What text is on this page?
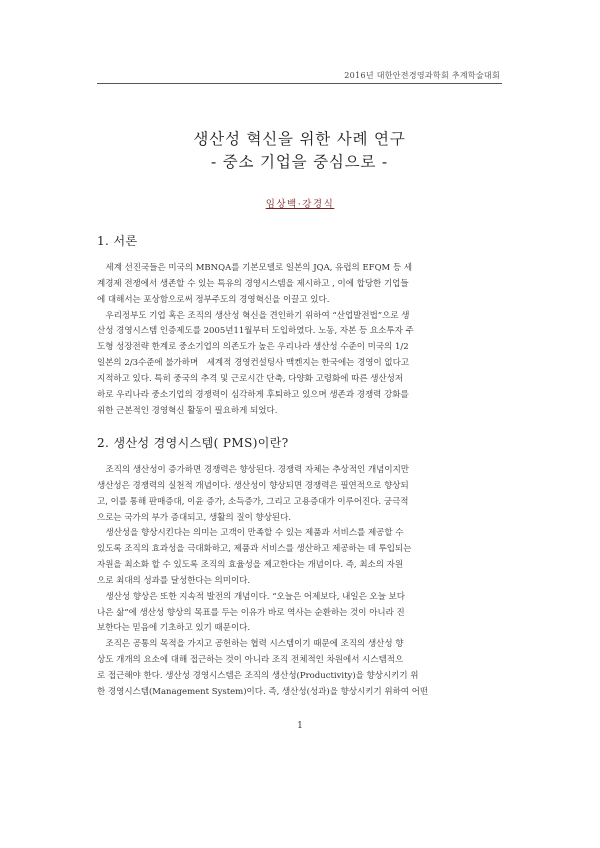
2016년 대한안전경영과학회 추계학술대회
생산성 혁신을 위한 사례 연구
- 중소 기업을 중심으로 -
임상백·강경식
1. 서론

　세계 선진국들은 미국의 MBNQA를 기본모델로 일본의 JQA, 유럽의 EFQM 등 세
계경제 전쟁에서 생존할 수 있는 특유의 경영시스템을 제시하고 , 이에 합당한 기업들
에 대해서는 포상함으로써 정부주도의 경영혁신을 이끌고 있다.

　우리정부도 기업 혹은 조직의 생산성 혁신을 견인하기 위하여 “산업발전법”으로 생
산성 경영시스템 인증제도를 2005년11월부터 도입하였다. 노동, 자본 등 요소투자 주
도형 성장전략 한계로 중소기업의 의존도가 높은 우리나라 생산성 수준이 미국의 1/2
일본의 2/3수준에 불가하며　세계적 경영컨설팅사 맥켄지는 한국에는 경영이 없다고
지적하고 있다. 특히 중국의 추격 및 근로시간 단축, 다양화 고령화에 따른 생산성저
하로 우리나라 중소기업의 경쟁력이 심각하게 후퇴하고 있으며 생존과 경쟁력 강화를
위한 근본적인 경영혁신 활동이 필요하게 되었다.

2. 생산성 경영시스템( PMS)이란?

　조직의 생산성이 증가하면 경쟁력은 향상된다. 경쟁력 자체는 추상적인 개념이지만
생산성은 경쟁력의 실천적 개념이다. 생산성이 향상되면 경쟁력은 필연적으로 향상되
고, 이를 통해 판매증대, 이윤 증가, 소득증가, 그리고 고용증대가 이루어진다. 궁극적
으로는 국가의 부가 증대되고, 생활의 질이 향상된다.

　생산성을 향상시킨다는 의미는 고객이 만족할 수 있는 제품과 서비스를 제공할 수
있도록 조직의 효과성을 극대화하고, 제품과 서비스를 생산하고 제공하는 데 투입되는
자원을 최소화 할 수 있도록 조직의 효율성을 제고한다는 개념이다. 즉, 최소의 자원
으로 최대의 성과를 달성한다는 의미이다.

　생산성 향상은 또한 지속적 발전의 개념이다. “오늘은 어제보다, 내일은 오늘 보다
나은 삶”에 생산성 향상의 목표를 두는 이유가 바로 역사는 순환하는 것이 아니라 진
보한다는 믿음에 기초하고 있기 때문이다.

　조직은 공통의 목적을 가지고 공헌하는 협력 시스템이기 때문에 조직의 생산성 향
상도 개개의 요소에 대해 접근하는 것이 아니라 조직 전체적인 차원에서 시스템적으
로 접근해야 한다. 생산성 경영시스템은 조직의 생산성(Productivity)을 향상시키기 위
한 경영시스템(Management System)이다. 즉, 생산성(성과)을 향상시키기 위하여 어떤

1
